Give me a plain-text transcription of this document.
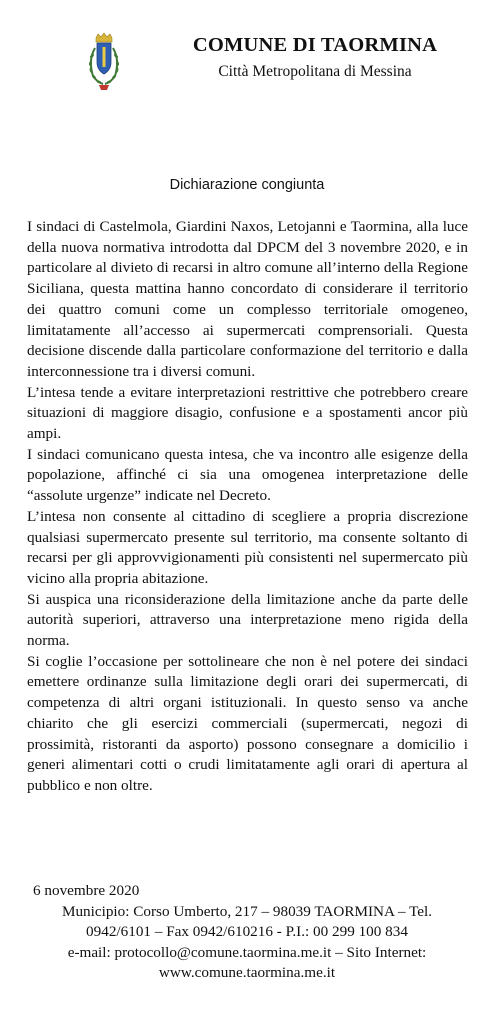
COMUNE DI TAORMINA
Città Metropolitana di Messina
Dichiarazione congiunta

I sindaci di Castelmola, Giardini Naxos, Letojanni e Taormina, alla luce della nuova normativa introdotta dal DPCM del 3 novembre 2020, e in particolare al divieto di recarsi in altro comune all’interno della Regione Siciliana, questa mattina hanno concordato di considerare il territorio dei quattro comuni come un complesso territoriale omogeneo, limitatamente all’accesso ai supermercati comprensoriali. Questa decisione discende dalla particolare conformazione del territorio e dalla interconnessione tra i diversi comuni.

L’intesa tende a evitare interpretazioni restrittive che potrebbero creare situazioni di maggiore disagio, confusione e a spostamenti ancor più ampi.

I sindaci comunicano questa intesa, che va incontro alle esigenze della popolazione, affinché ci sia una omogenea interpretazione delle “assolute urgenze” indicate nel Decreto.

L’intesa non consente al cittadino di scegliere a propria discrezione qualsiasi supermercato presente sul territorio, ma consente soltanto di recarsi per gli approvvigionamenti più consistenti nel supermercato più vicino alla propria abitazione.

Si auspica una riconsiderazione della limitazione anche da parte delle autorità superiori, attraverso una interpretazione meno rigida della norma.

Si coglie l’occasione per sottolineare che non è nel potere dei sindaci emettere ordinanze sulla limitazione degli orari dei supermercati, di competenza di altri organi istituzionali. In questo senso va anche chiarito che gli esercizi commerciali (supermercati, negozi di prossimità, ristoranti da asporto) possono consegnare a domicilio i generi alimentari cotti o crudi limitatamente agli orari di apertura al pubblico e non oltre.

6 novembre 2020
Municipio: Corso Umberto, 217 – 98039 TAORMINA – Tel.
0942/6101 – Fax 0942/610216 - P.I.: 00 299 100 834
e-mail: protocollo@comune.taormina.me.it – Sito Internet:
www.comune.taormina.me.it
